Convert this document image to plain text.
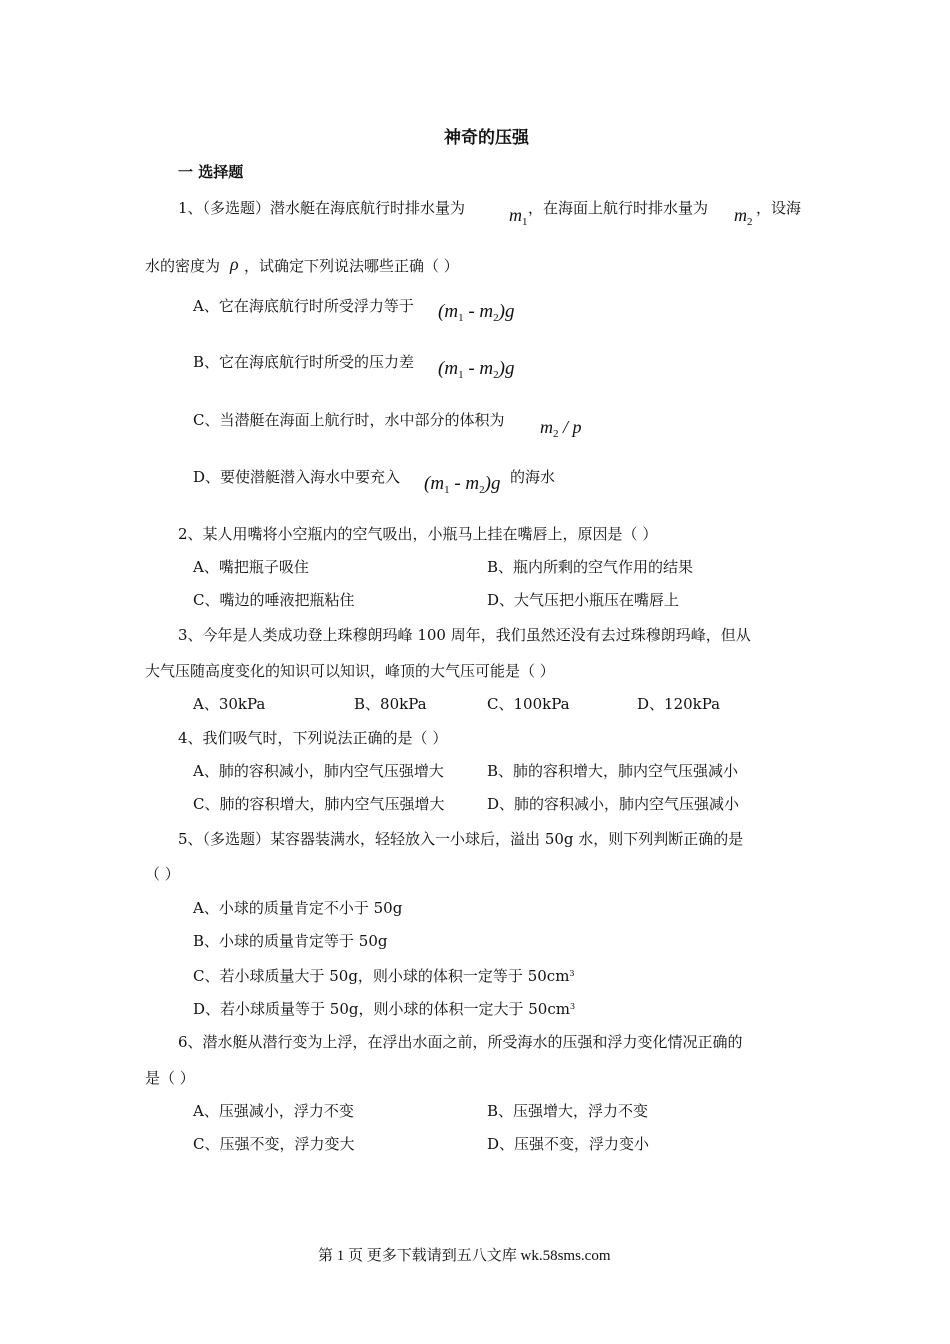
神奇的压强
一 选择题
1、（多选题）潜水艇在海底航行时排水量为 $m_1$
，在海面上航行时排水量为 $m_2$
，设海
水的密度为 ρ ，试确定下列说法哪些正确（ ）
A、它在海底航行时所受浮力等于 $(m_1 - m_2)g$
B、它在海底航行时所受的压力差 $(m_1 - m_2)g$
C、当潜艇在海面上航行时，水中部分的体积为 $m_2$ / p
D、要使潜艇潜入海水中要充入 $(m_1 - m_2)g$ 的海水
2、某人用嘴将小空瓶内的空气吸出，小瓶马上挂在嘴唇上，原因是（ ）
A、嘴把瓶子吸住	B、瓶内所剩的空气作用的结果
C、嘴边的唾液把瓶粘住	D、大气压把小瓶压在嘴唇上
3、今年是人类成功登上珠穆朗玛峰 100 周年，我们虽然还没有去过珠穆朗玛峰，但从
大气压随高度变化的知识可以知识，峰顶的大气压可能是（ ）
A、30kPa	B、80kPa	C、100kPa	D、120kPa
4、我们吸气时，下列说法正确的是（ ）
A、肺的容积减小，肺内空气压强增大	B、肺的容积增大，肺内空气压强减小
C、肺的容积增大，肺内空气压强增大	D、肺的容积减小，肺内空气压强减小
5、（多选题）某容器装满水，轻轻放入一小球后，溢出 50g 水，则下列判断正确的是
（ ）
A、小球的质量肯定不小于 50g
B、小球的质量肯定等于 50g
C、若小球质量大于 50g，则小球的体积一定等于 $50cm^3$
D、若小球质量等于 50g，则小球的体积一定大于 $50cm^3$
6、潜水艇从潜行变为上浮，在浮出水面之前，所受海水的压强和浮力变化情况正确的
是（ ）
A、压强减小，浮力不变	B、压强增大，浮力不变
C、压强不变，浮力变大	D、压强不变，浮力变小
第 1 页 更多下载请到五八文库 wk.58sms.com
